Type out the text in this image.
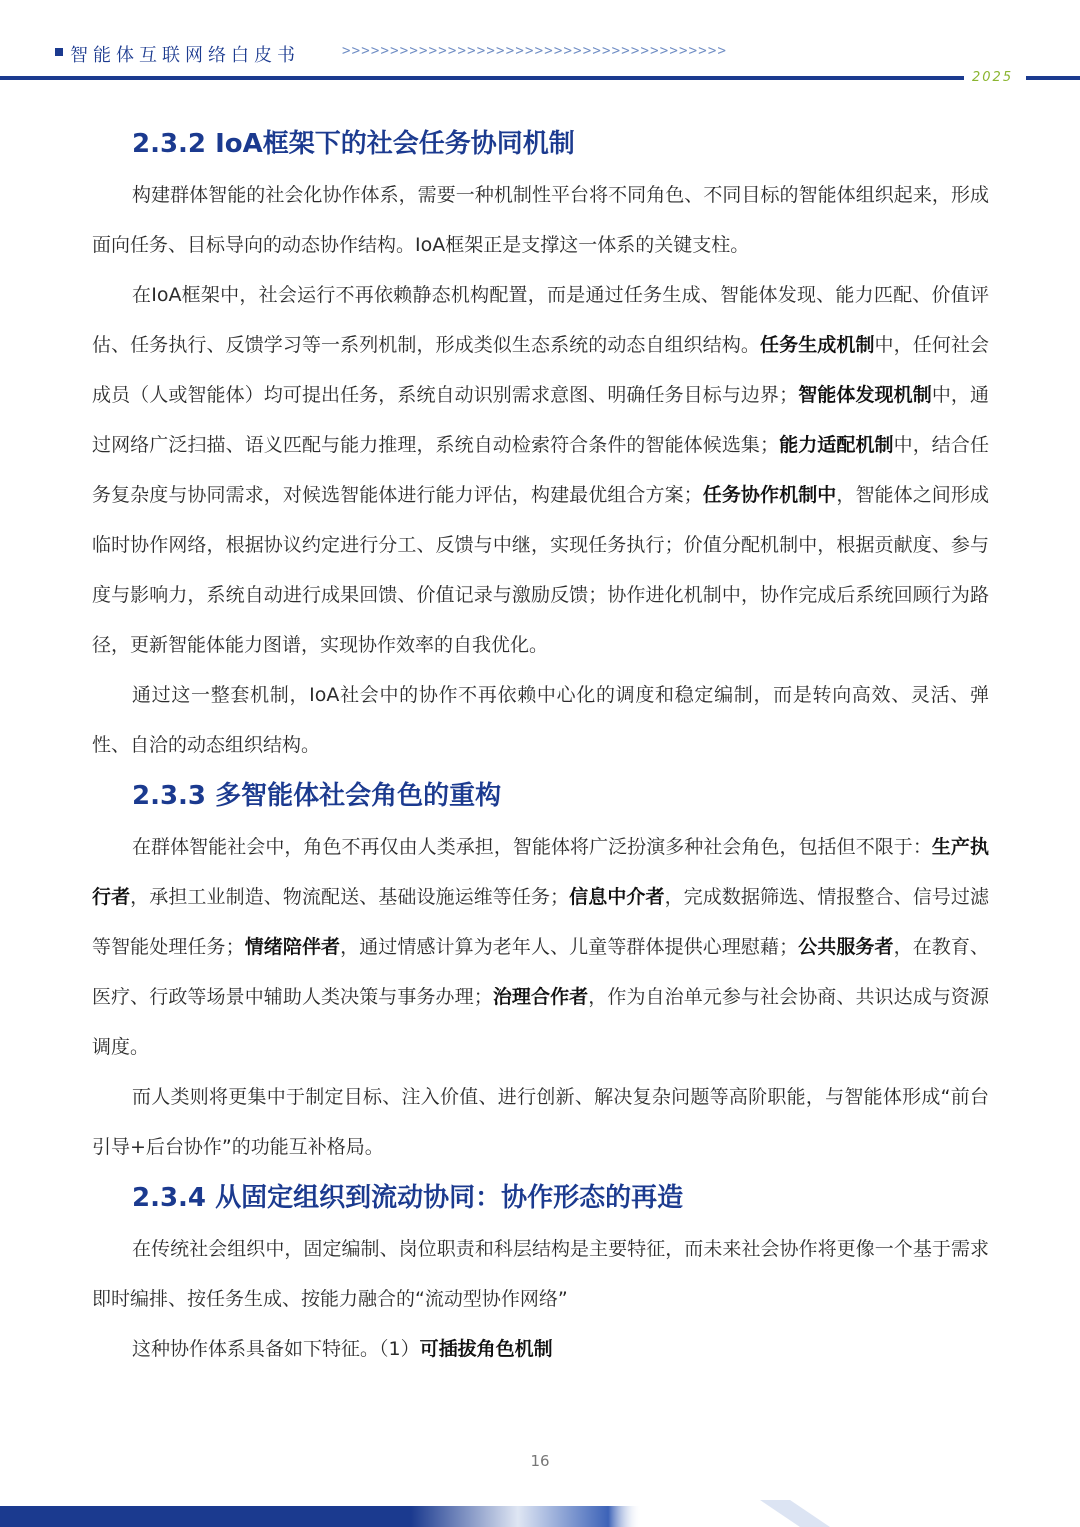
智能体互联网络白皮书	>>>>>>>>>>>>>>>>>>>>>>>>>>>>>>>>>>>>>>>>
2025
2.3.2 IoA框架下的社会任务协同机制

构建群体智能的社会化协作体系，需要一种机制性平台将不同角色、不同目标的智能体组织起来，形成面向任务、目标导向的动态协作结构。IoA框架正是支撑这一体系的关键支柱。

在IoA框架中，社会运行不再依赖静态机构配置，而是通过任务生成、智能体发现、能力匹配、价值评估、任务执行、反馈学习等一系列机制，形成类似生态系统的动态自组织结构。任务生成机制中，任何社会成员（人或智能体）均可提出任务，系统自动识别需求意图、明确任务目标与边界；智能体发现机制中，通过网络广泛扫描、语义匹配与能力推理，系统自动检索符合条件的智能体候选集；能力适配机制中，结合任务复杂度与协同需求，对候选智能体进行能力评估，构建最优组合方案；任务协作机制中，智能体之间形成临时协作网络，根据协议约定进行分工、反馈与中继，实现任务执行；价值分配机制中，根据贡献度、参与度与影响力，系统自动进行成果回馈、价值记录与激励反馈；协作进化机制中，协作完成后系统回顾行为路径，更新智能体能力图谱，实现协作效率的自我优化。

通过这一整套机制，IoA社会中的协作不再依赖中心化的调度和稳定编制，而是转向高效、灵活、弹性、自洽的动态组织结构。

2.3.3 多智能体社会角色的重构

在群体智能社会中，角色不再仅由人类承担，智能体将广泛扮演多种社会角色，包括但不限于：生产执行者，承担工业制造、物流配送、基础设施运维等任务；信息中介者，完成数据筛选、情报整合、信号过滤等智能处理任务；情绪陪伴者，通过情感计算为老年人、儿童等群体提供心理慰藉；公共服务者，在教育、医疗、行政等场景中辅助人类决策与事务办理；治理合作者，作为自治单元参与社会协商、共识达成与资源调度。

而人类则将更集中于制定目标、注入价值、进行创新、解决复杂问题等高阶职能，与智能体形成“前台引导+后台协作”的功能互补格局。

2.3.4 从固定组织到流动协同：协作形态的再造

在传统社会组织中，固定编制、岗位职责和科层结构是主要特征，而未来社会协作将更像一个基于需求即时编排、按任务生成、按能力融合的“流动型协作网络”

这种协作体系具备如下特征。（1）可插拔角色机制

16
